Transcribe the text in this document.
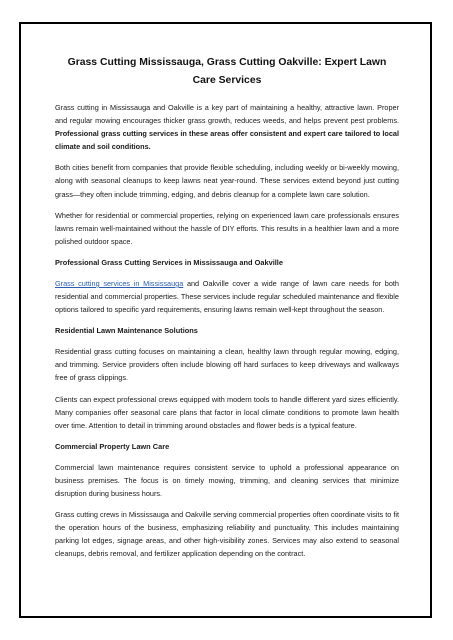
Grass Cutting Mississauga, Grass Cutting Oakville: Expert Lawn Care Services

Grass cutting in Mississauga and Oakville is a key part of maintaining a healthy, attractive lawn. Proper and regular mowing encourages thicker grass growth, reduces weeds, and helps prevent pest problems. Professional grass cutting services in these areas offer consistent and expert care tailored to local climate and soil conditions.

Both cities benefit from companies that provide flexible scheduling, including weekly or bi-weekly mowing, along with seasonal cleanups to keep lawns neat year-round. These services extend beyond just cutting grass—they often include trimming, edging, and debris cleanup for a complete lawn care solution.

Whether for residential or commercial properties, relying on experienced lawn care professionals ensures lawns remain well-maintained without the hassle of DIY efforts. This results in a healthier lawn and a more polished outdoor space.

Professional Grass Cutting Services in Mississauga and Oakville

Grass cutting services in Mississauga and Oakville cover a wide range of lawn care needs for both residential and commercial properties. These services include regular scheduled maintenance and flexible options tailored to specific yard requirements, ensuring lawns remain well-kept throughout the season.

Residential Lawn Maintenance Solutions

Residential grass cutting focuses on maintaining a clean, healthy lawn through regular mowing, edging, and trimming. Service providers often include blowing off hard surfaces to keep driveways and walkways free of grass clippings.

Clients can expect professional crews equipped with modern tools to handle different yard sizes efficiently. Many companies offer seasonal care plans that factor in local climate conditions to promote lawn health over time. Attention to detail in trimming around obstacles and flower beds is a typical feature.

Commercial Property Lawn Care

Commercial lawn maintenance requires consistent service to uphold a professional appearance on business premises. The focus is on timely mowing, trimming, and cleaning services that minimize disruption during business hours.

Grass cutting crews in Mississauga and Oakville serving commercial properties often coordinate visits to fit the operation hours of the business, emphasizing reliability and punctuality. This includes maintaining parking lot edges, signage areas, and other high-visibility zones. Services may also extend to seasonal cleanups, debris removal, and fertilizer application depending on the contract.
